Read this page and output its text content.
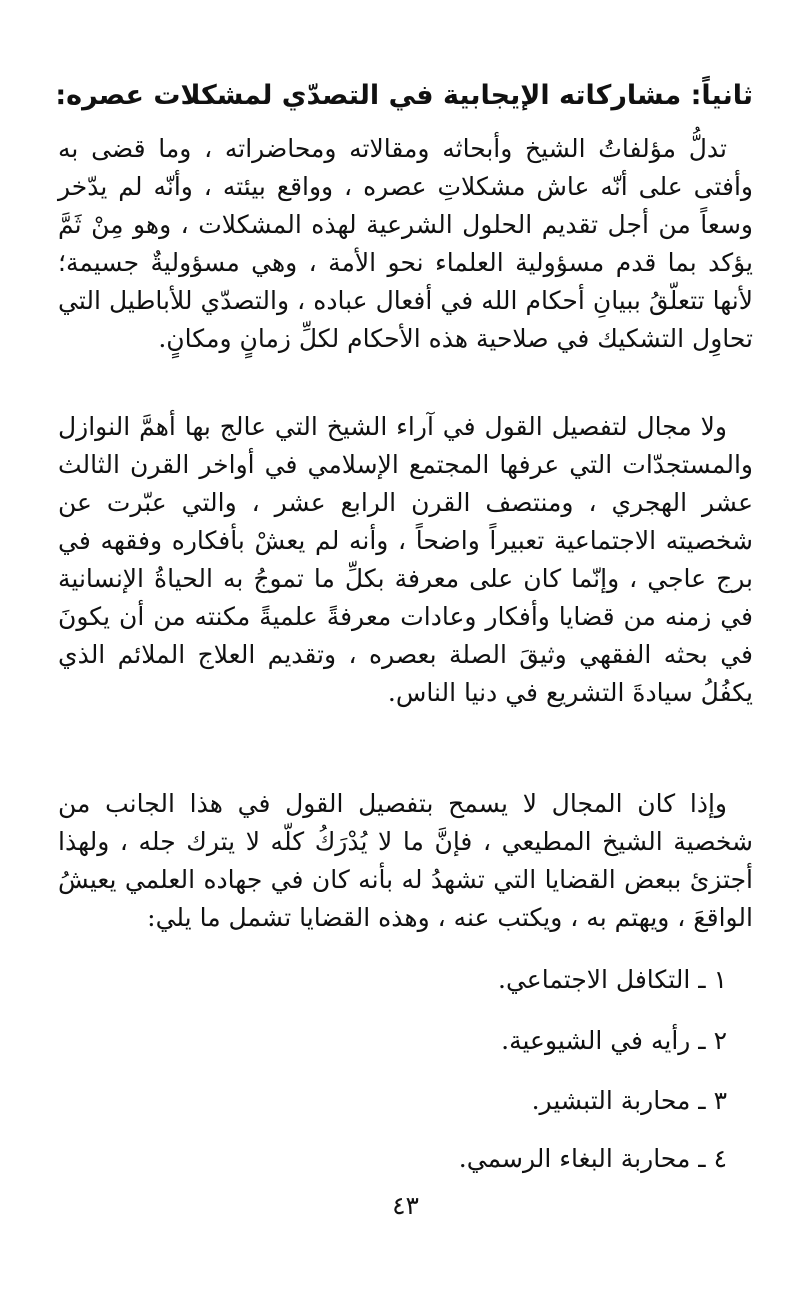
ثانياً: مشاركاته الإيجابية في التصدّي لمشكلات عصره:

تدلُّ مؤلفاتُ الشيخ وأبحاثه ومقالاته ومحاضراته ، وما قضى به وأفتى على أنّه عاش مشكلاتِ عصره ، وواقع بيئته ، وأنّه لم يدّخر وسعاً من أجل تقديم الحلول الشرعية لهذه المشكلات ، وهو مِنْ ثَمَّ يؤكد بما قدم مسؤولية العلماء نحو الأمة ، وهي مسؤوليةٌ جسيمة؛ لأنها تتعلّقُ ببيانِ أحكام الله في أفعال عباده ، والتصدّي للأباطيل التي تحاوِل التشكيك في صلاحية هذه الأحكام لكلِّ زمانٍ ومكانٍ.

ولا مجال لتفصيل القول في آراء الشيخ التي عالج بها أهمَّ النوازل والمستجدّات التي عرفها المجتمع الإسلامي في أواخر القرن الثالث عشر الهجري ، ومنتصف القرن الرابع عشر ، والتي عبّرت عن شخصيته الاجتماعية تعبيراً واضحاً ، وأنه لم يعشْ بأفكاره وفقهه في برج عاجي ، وإنّما كان على معرفة بكلِّ ما تموجُ به الحياةُ الإنسانية في زمنه من قضايا وأفكار وعادات معرفةً علميةً مكنته من أن يكونَ في بحثه الفقهي وثيقَ الصلة بعصره ، وتقديم العلاج الملائم الذي يكفُلُ سيادةَ التشريع في دنيا الناس.

وإذا كان المجال لا يسمح بتفصيل القول في هذا الجانب من شخصية الشيخ المطيعي ، فإنَّ ما لا يُدْرَكُ كلّه لا يترك جله ، ولهذا أجتزئ ببعض القضايا التي تشهدُ له بأنه كان في جهاده العلمي يعيشُ الواقعَ ، ويهتم به ، ويكتب عنه ، وهذه القضايا تشمل ما يلي:

١ ـ التكافل الاجتماعي.
٢ ـ رأيه في الشيوعية.
٣ ـ محاربة التبشير.
٤ ـ محاربة البغاء الرسمي.
٤٣
